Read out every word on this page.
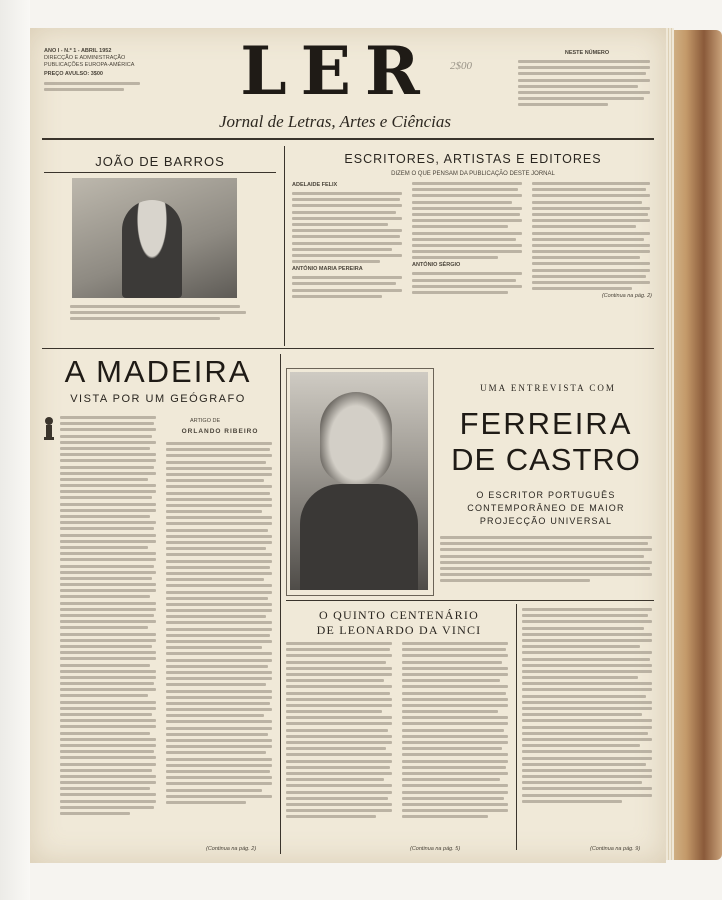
ANO I - N.º 1 - ABRIL 1952
DIRECÇÃO E ADMINISTRAÇÃO
PUBLICAÇÕES EUROPA-AMÉRICA
PREÇO AVULSO: 3$00	LER
Jornal de Letras, Artes e Ciências
2$00
NESTE NÚMERO
JOÃO DE BARROS	ESCRITORES, ARTISTAS E EDITORES
DIZEM O QUE PENSAM DA PUBLICAÇÃO DESTE JORNAL
ADELAIDE FÉLIX
ANTÓNIO MARIA PEREIRA
ANTÓNIO SÉRGIO
(Continua na pág. 2)
A MADEIRA
VISTA POR UM GEÓGRAFO
ARTIGO DE
ORLANDO RIBEIRO
(Continua na pág. 2)
UMA ENTREVISTA COM
FERREIRA
DE CASTRO
O ESCRITOR PORTUGUÊS
CONTEMPORÂNEO DE MAIOR
PROJECÇÃO UNIVERSAL
O QUINTO CENTENÁRIO
DE LEONARDO DA VINCI
(Continua na pág. 5)	(Continua na pág. 9)
